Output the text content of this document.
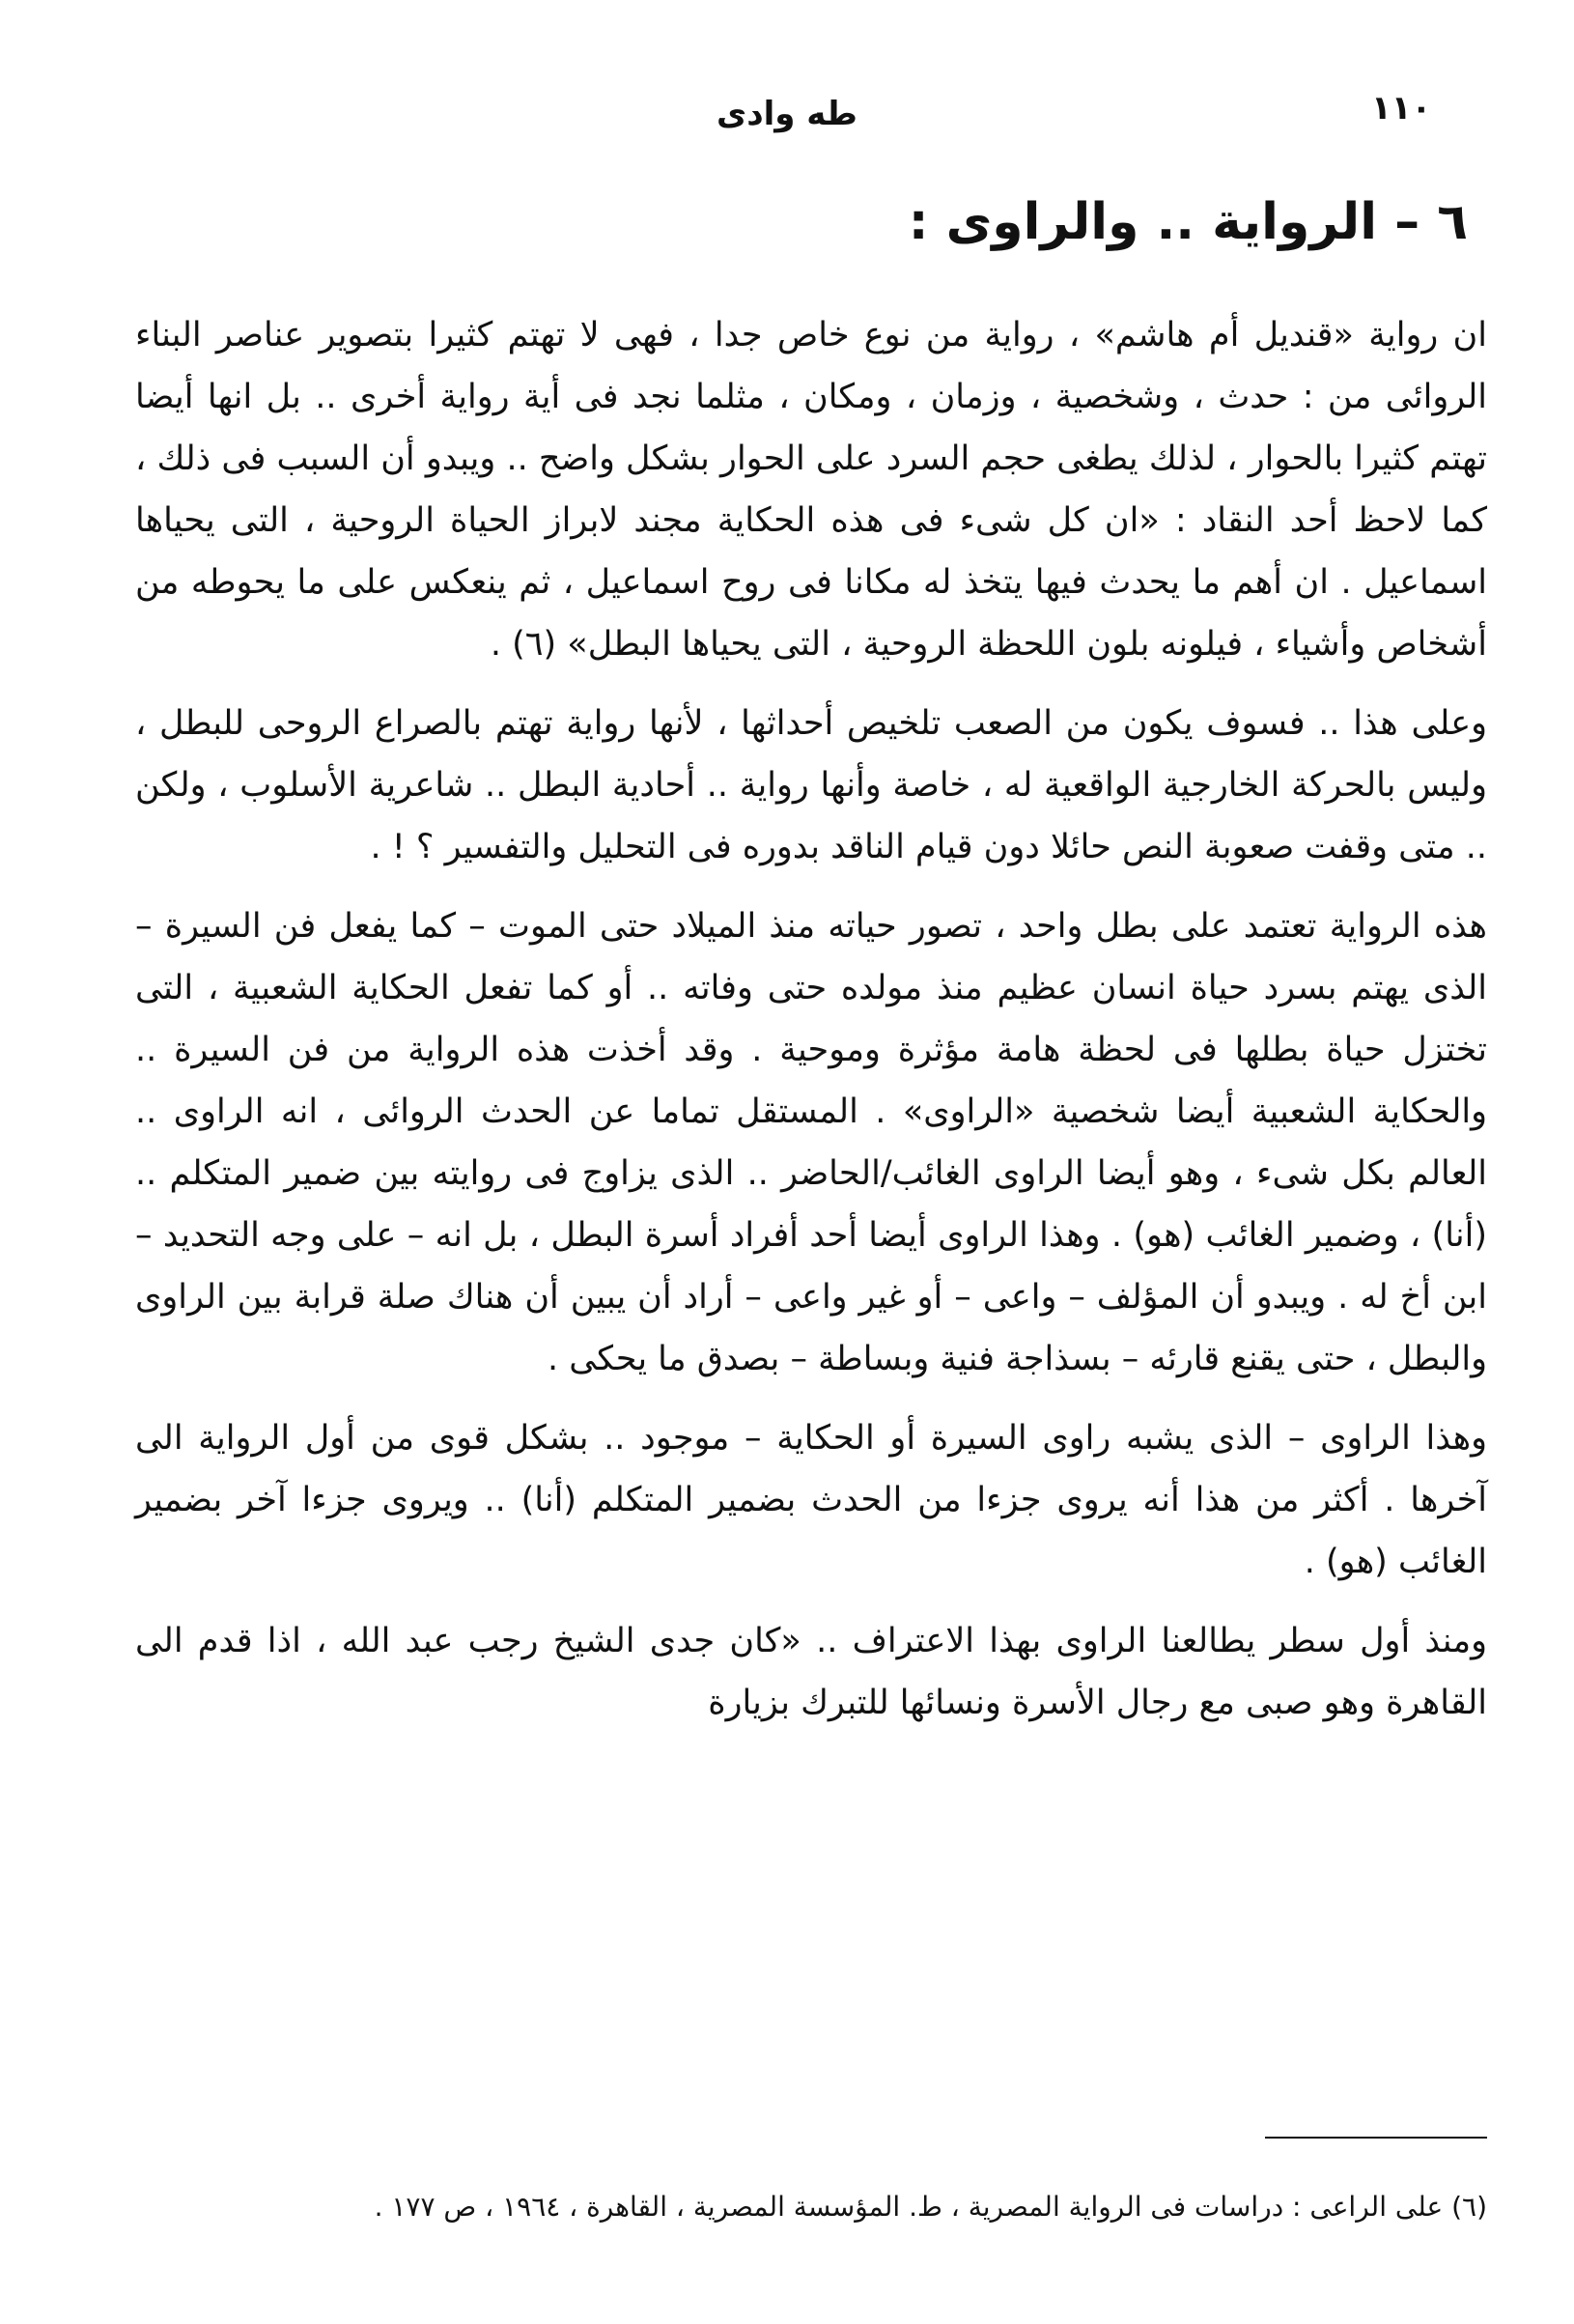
١١٠
طه وادى
٦ – الرواية .. والراوى :

ان رواية «قنديل أم هاشم» ، رواية من نوع خاص جدا ، فهى لا تهتم كثيرا بتصوير عناصر البناء الروائى من : حدث ، وشخصية ، وزمان ، ومكان ، مثلما نجد فى أية رواية أخرى .. بل انها أيضا تهتم كثيرا بالحوار ، لذلك يطغى حجم السرد على الحوار بشكل واضح .. ويبدو أن السبب فى ذلك ، كما لاحظ أحد النقاد : «ان كل شىء فى هذه الحكاية مجند لابراز الحياة الروحية ، التى يحياها اسماعيل . ان أهم ما يحدث فيها يتخذ له مكانا فى روح اسماعيل ، ثم ينعكس على ما يحوطه من أشخاص وأشياء ، فيلونه بلون اللحظة الروحية ، التى يحياها البطل» (٦) .

وعلى هذا .. فسوف يكون من الصعب تلخيص أحداثها ، لأنها رواية تهتم بالصراع الروحى للبطل ، وليس بالحركة الخارجية الواقعية له ، خاصة وأنها رواية .. أحادية البطل .. شاعرية الأسلوب ، ولكن .. متى وقفت صعوبة النص حائلا دون قيام الناقد بدوره فى التحليل والتفسير ؟ ! .

هذه الرواية تعتمد على بطل واحد ، تصور حياته منذ الميلاد حتى الموت – كما يفعل فن السيرة – الذى يهتم بسرد حياة انسان عظيم منذ مولده حتى وفاته .. أو كما تفعل الحكاية الشعبية ، التى تختزل حياة بطلها فى لحظة هامة مؤثرة وموحية . وقد أخذت هذه الرواية من فن السيرة .. والحكاية الشعبية أيضا شخصية «الراوى» . المستقل تماما عن الحدث الروائى ، انه الراوى .. العالم بكل شىء ، وهو أيضا الراوى الغائب/الحاضر .. الذى يزاوج فى روايته بين ضمير المتكلم .. (أنا) ، وضمير الغائب (هو) . وهذا الراوى أيضا أحد أفراد أسرة البطل ، بل انه – على وجه التحديد – ابن أخ له . ويبدو أن المؤلف – واعى – أو غير واعى – أراد أن يبين أن هناك صلة قرابة بين الراوى والبطل ، حتى يقنع قارئه – بسذاجة فنية وبساطة – بصدق ما يحكى .

وهذا الراوى – الذى يشبه راوى السيرة أو الحكاية – موجود .. بشكل قوى من أول الرواية الى آخرها . أكثر من هذا أنه يروى جزءا من الحدث بضمير المتكلم (أنا) .. ويروى جزءا آخر بضمير الغائب (هو) .

ومنذ أول سطر يطالعنا الراوى بهذا الاعتراف .. «كان جدى الشيخ رجب عبد الله ، اذا قدم الى القاهرة وهو صبى مع رجال الأسرة ونسائها للتبرك بزيارة

(٦) على الراعى : دراسات فى الرواية المصرية ، ط. المؤسسة المصرية ، القاهرة ، ١٩٦٤ ، ص ١٧٧ .
